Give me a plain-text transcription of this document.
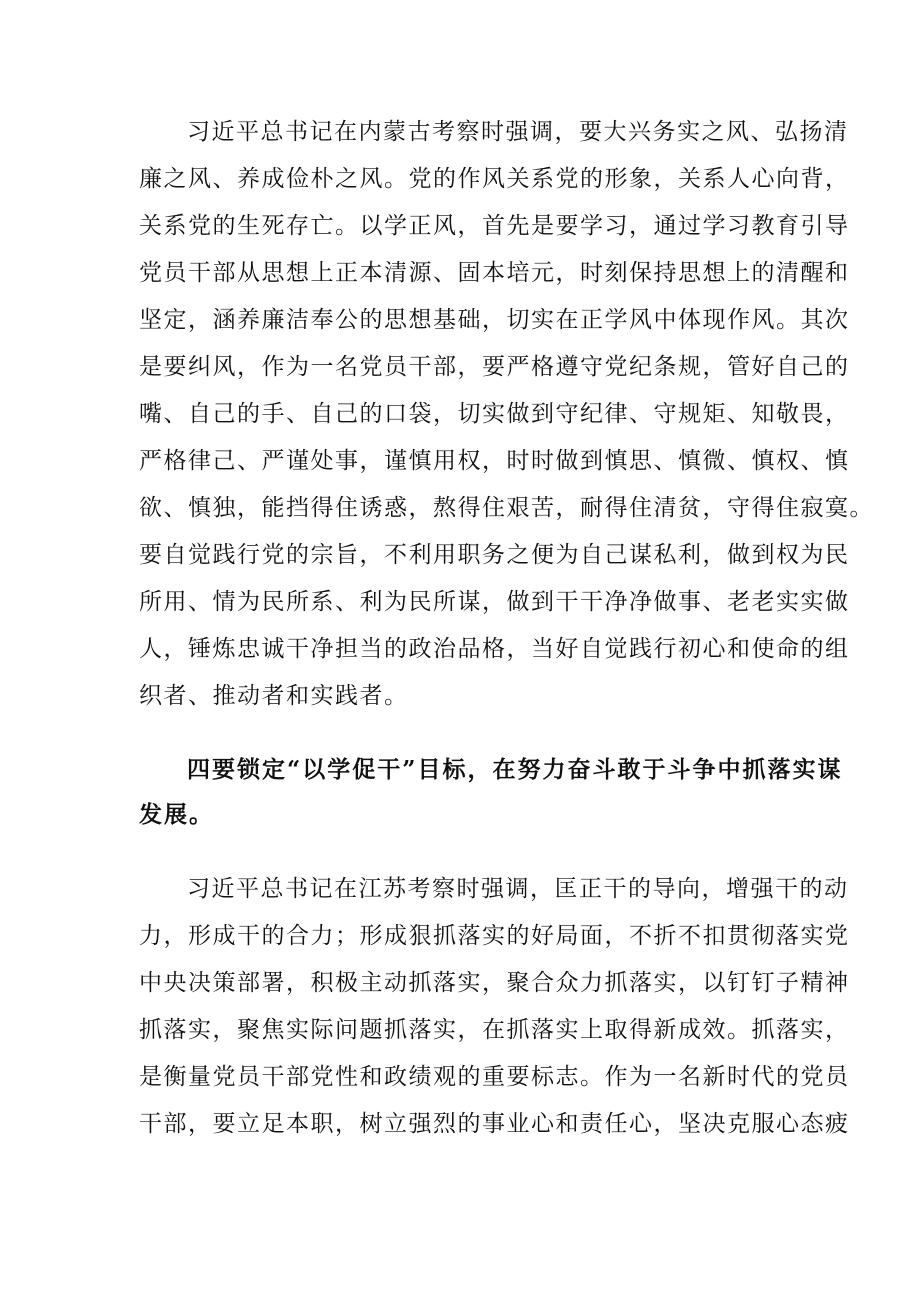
习近平总书记在内蒙古考察时强调，要大兴务实之风、弘扬清
廉之风、养成俭朴之风。党的作风关系党的形象，关系人心向背，
关系党的生死存亡。以学正风，首先是要学习，通过学习教育引导
党员干部从思想上正本清源、固本培元，时刻保持思想上的清醒和
坚定，涵养廉洁奉公的思想基础，切实在正学风中体现作风。其次
是要纠风，作为一名党员干部，要严格遵守党纪条规，管好自己的
嘴、自己的手、自己的口袋，切实做到守纪律、守规矩、知敬畏，
严格律己、严谨处事，谨慎用权，时时做到慎思、慎微、慎权、慎
欲、慎独，能挡得住诱惑，熬得住艰苦，耐得住清贫，守得住寂寞。
要自觉践行党的宗旨，不利用职务之便为自己谋私利，做到权为民
所用、情为民所系、利为民所谋，做到干干净净做事、老老实实做
人，锤炼忠诚干净担当的政治品格，当好自觉践行初心和使命的组
织者、推动者和实践者。
四要锁定“以学促干”目标，在努力奋斗敢于斗争中抓落实谋
发展。
习近平总书记在江苏考察时强调，匡正干的导向，增强干的动
力，形成干的合力；形成狠抓落实的好局面，不折不扣贯彻落实党
中央决策部署，积极主动抓落实，聚合众力抓落实，以钉钉子精神
抓落实，聚焦实际问题抓落实，在抓落实上取得新成效。抓落实，
是衡量党员干部党性和政绩观的重要标志。作为一名新时代的党员
干部，要立足本职，树立强烈的事业心和责任心，坚决克服心态疲
